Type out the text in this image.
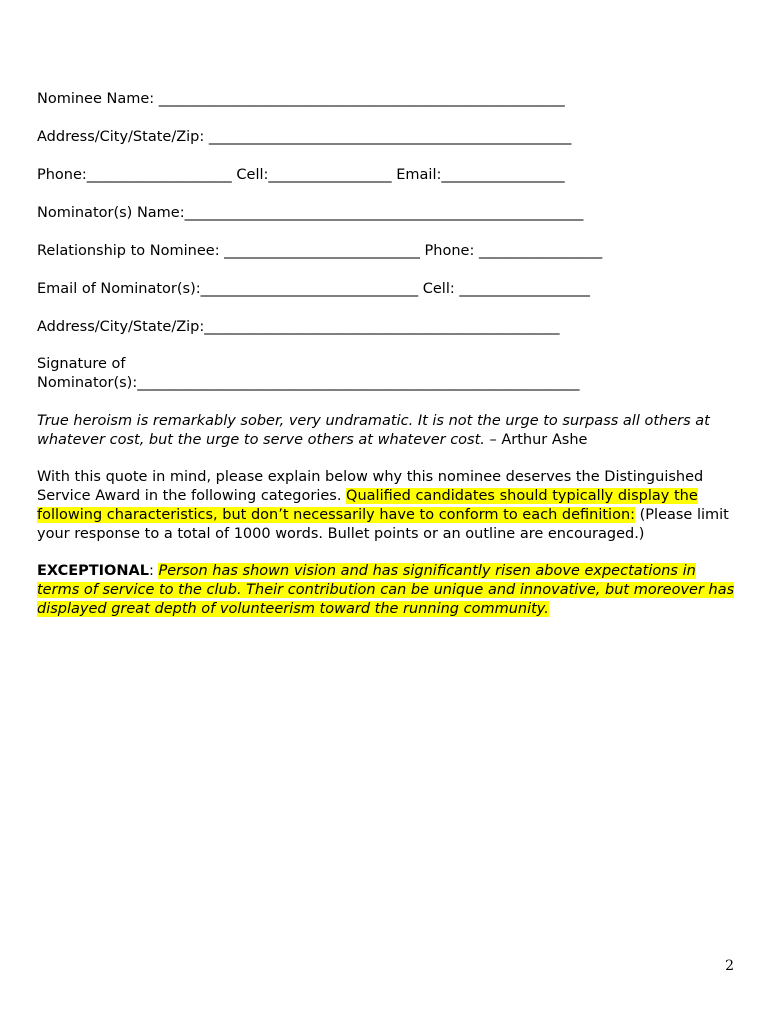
Nominee Name: ________________________________________________________
Address/City/State/Zip: __________________________________________________
Phone:____________________ Cell:_________________ Email:_________________
Nominator(s) Name:_______________________________________________________
Relationship to Nominee: ___________________________ Phone: _________________
Email of Nominator(s):______________________________ Cell: __________________
Address/City/State/Zip:_________________________________________________
Signature of
Nominator(s):_____________________________________________________________
True heroism is remarkably sober, very undramatic. It is not the urge to surpass all others at whatever cost, but the urge to serve others at whatever cost. – Arthur Ashe
With this quote in mind, please explain below why this nominee deserves the Distinguished Service Award in the following categories. Qualified candidates should typically display the following characteristics, but don’t necessarily have to conform to each definition: (Please limit your response to a total of 1000 words. Bullet points or an outline are encouraged.)
EXCEPTIONAL: Person has shown vision and has significantly risen above expectations in terms of service to the club. Their contribution can be unique and innovative, but moreover has displayed great depth of volunteerism toward the running community.
2
